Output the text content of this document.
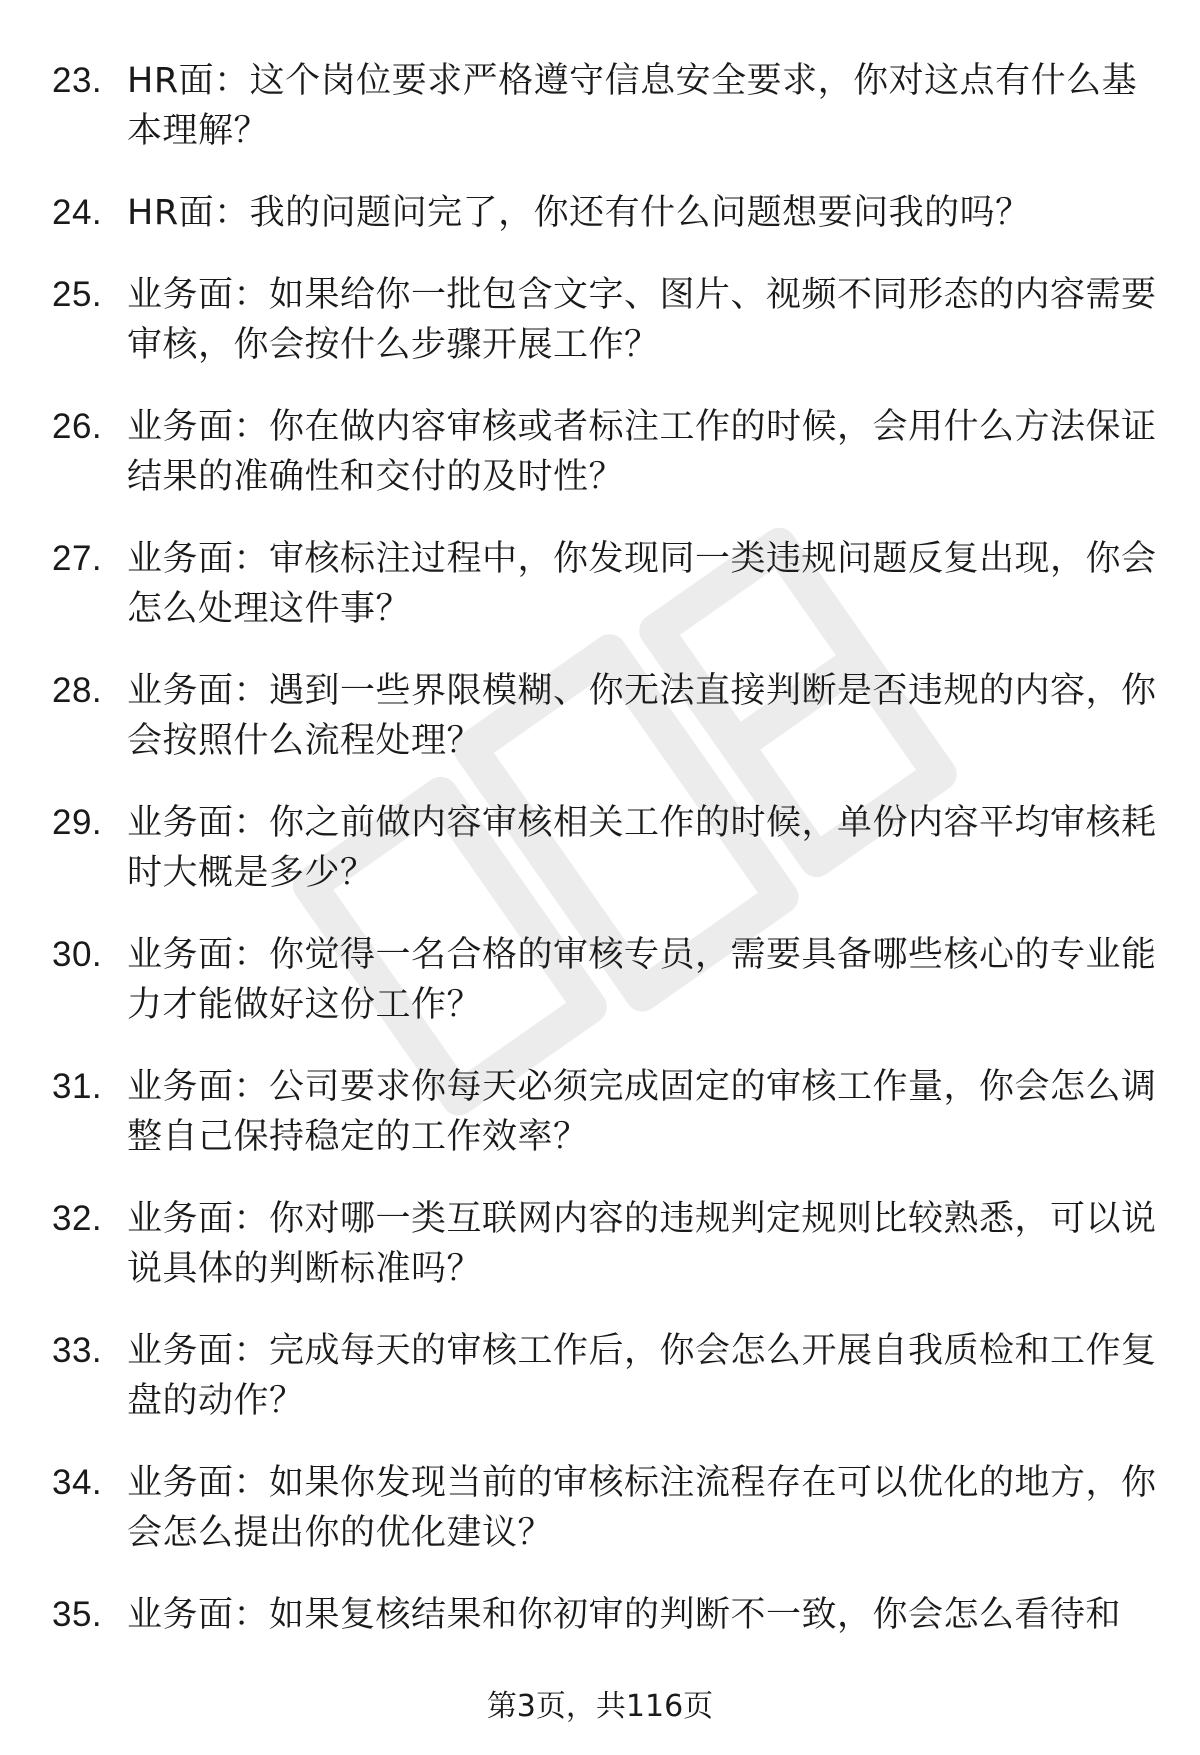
23. HR面：这个岗位要求严格遵守信息安全要求，你对这点有什么基本理解？
24. HR面：我的问题问完了，你还有什么问题想要问我的吗？
25. 业务面：如果给你一批包含文字、图片、视频不同形态的内容需要审核，你会按什么步骤开展工作？
26. 业务面：你在做内容审核或者标注工作的时候，会用什么方法保证结果的准确性和交付的及时性？
27. 业务面：审核标注过程中，你发现同一类违规问题反复出现，你会怎么处理这件事？
28. 业务面：遇到一些界限模糊、你无法直接判断是否违规的内容，你会按照什么流程处理？
29. 业务面：你之前做内容审核相关工作的时候，单份内容平均审核耗时大概是多少？
30. 业务面：你觉得一名合格的审核专员，需要具备哪些核心的专业能力才能做好这份工作？
31. 业务面：公司要求你每天必须完成固定的审核工作量，你会怎么调整自己保持稳定的工作效率？
32. 业务面：你对哪一类互联网内容的违规判定规则比较熟悉，可以说说具体的判断标准吗？
33. 业务面：完成每天的审核工作后，你会怎么开展自我质检和工作复盘的动作？
34. 业务面：如果你发现当前的审核标注流程存在可以优化的地方，你会怎么提出你的优化建议？
35. 业务面：如果复核结果和你初审的判断不一致，你会怎么看待和
第3页，共116页
